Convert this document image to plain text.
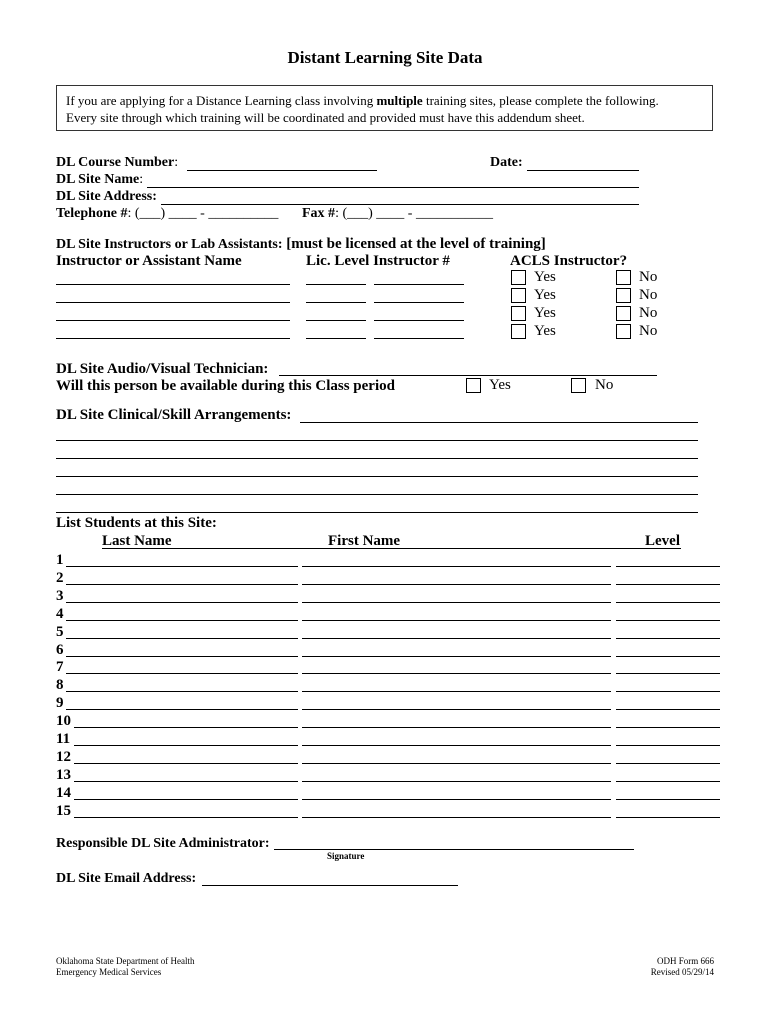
Distant Learning Site Data
If you are applying for a Distance Learning class involving multiple training sites, please complete the following.
Every site through which training will be coordinated and provided must have this addendum sheet.
DL Course Number:	Date:
DL Site Name:
DL Site Address:
Telephone #: (___) ____ - __________ Fax #: (___) ____ - ___________
DL Site Instructors or Lab Assistants: [must be licensed at the level of training]
Instructor or Assistant Name	Lic. Level Instructor #	ACLS Instructor?
Yes	No
Yes	No
Yes	No
Yes	No
DL Site Audio/Visual Technician:
Will this person be available during this Class period	Yes	No
DL Site Clinical/Skill Arrangements:
List Students at this Site:
Last Name	First Name	Level
1
2
3
4
5
6
7
8
9
10
11
12
13
14
15
Responsible DL Site Administrator:
Signature
DL Site Email Address:
Oklahoma State Department of Health
Emergency Medical Services
ODH Form 666
Revised 05/29/14
